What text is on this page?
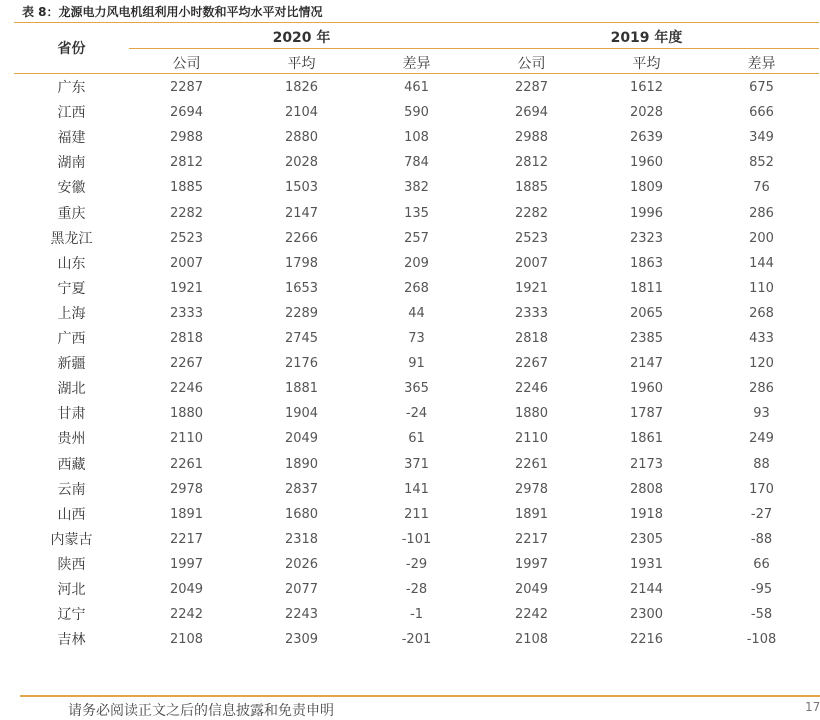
表 8：龙源电力风电机组利用小时数和平均水平对比情况
省份
2020 年	2019 年度
公司	平均	差异	公司	平均	差异
广东	2287	1826	461	2287	1612	675
江西	2694	2104	590	2694	2028	666
福建	2988	2880	108	2988	2639	349
湖南	2812	2028	784	2812	1960	852
安徽	1885	1503	382	1885	1809	76
重庆	2282	2147	135	2282	1996	286
黑龙江	2523	2266	257	2523	2323	200
山东	2007	1798	209	2007	1863	144
宁夏	1921	1653	268	1921	1811	110
上海	2333	2289	44	2333	2065	268
广西	2818	2745	73	2818	2385	433
新疆	2267	2176	91	2267	2147	120
湖北	2246	1881	365	2246	1960	286
甘肃	1880	1904	-24	1880	1787	93
贵州	2110	2049	61	2110	1861	249
西藏	2261	1890	371	2261	2173	88
云南	2978	2837	141	2978	2808	170
山西	1891	1680	211	1891	1918	-27
内蒙古	2217	2318	-101	2217	2305	-88
陕西	1997	2026	-29	1997	1931	66
河北	2049	2077	-28	2049	2144	-95
辽宁	2242	2243	-1	2242	2300	-58
吉林	2108	2309	-201	2108	2216	-108
请务必阅读正文之后的信息披露和免责申明	17
